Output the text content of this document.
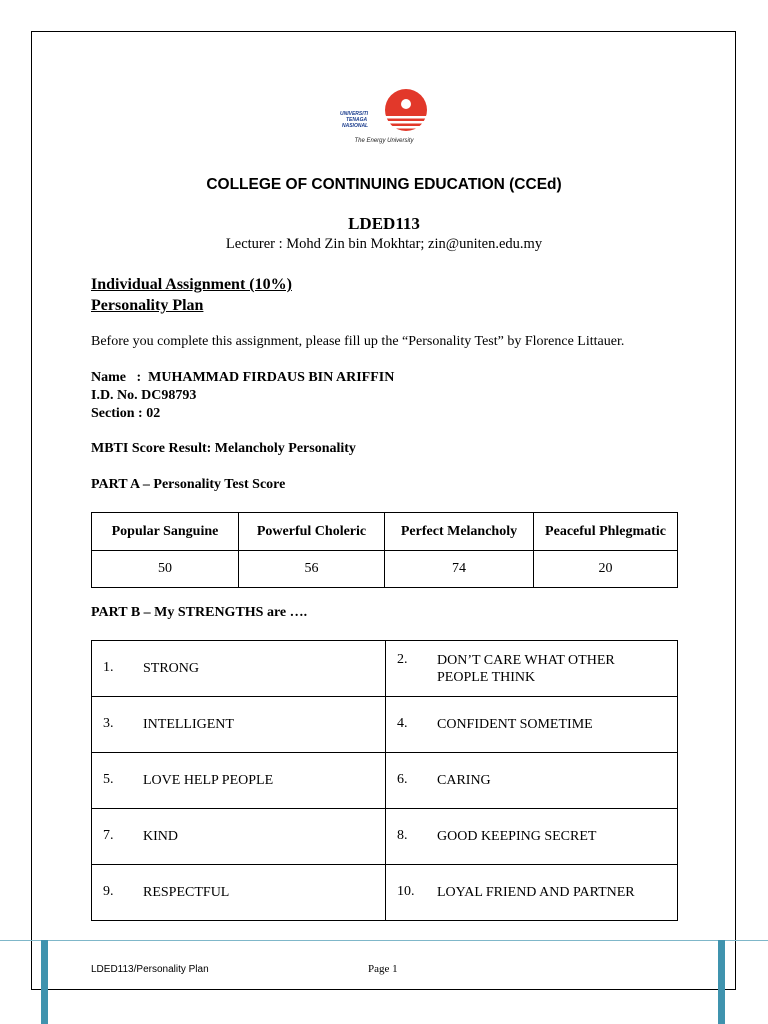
UNIVERSITI
TENAGA
NASIONAL
The Energy University
COLLEGE OF CONTINUING EDUCATION (CCEd)
LDED113
Lecturer : Mohd Zin bin Mokhtar; zin@uniten.edu.my
Individual Assignment (10%)
Personality Plan
Before you complete this assignment, please fill up the “Personality Test” by Florence Littauer.
Name   :  MUHAMMAD FIRDAUS BIN ARIFFIN
I.D. No. DC98793
Section : 02
MBTI Score Result: Melancholy Personality
PART A – Personality Test Score
Popular Sanguine	Powerful Choleric	Perfect Melancholy	Peaceful Phlegmatic
50	56	74	20
PART B – My STRENGTHS are ….
1. STRONG	2. DON’T CARE WHAT OTHER PEOPLE THINK

3. INTELLIGENT	4. CONFIDENT SOMETIME

5. LOVE HELP PEOPLE	6. CARING

7. KIND	8. GOOD KEEPING SECRET

9. RESPECTFUL	10. LOYAL FRIEND AND PARTNER
LDED113/Personality Plan	Page 1
